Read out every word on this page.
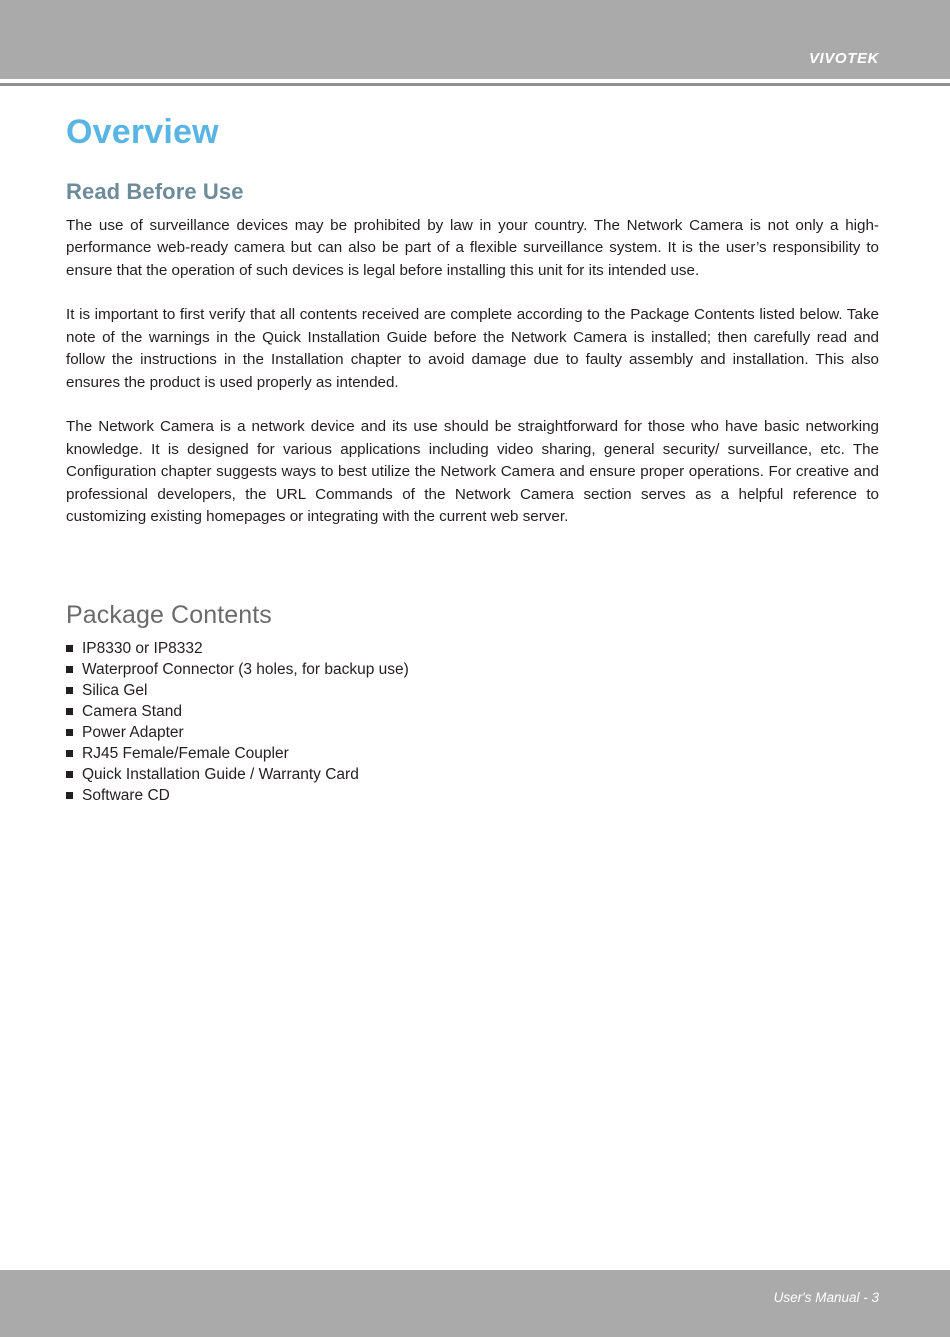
VIVOTEK
Overview
Read Before Use

The use of surveillance devices may be prohibited by law in your country. The Network Camera is not only a high-performance web-ready camera but can also be part of a flexible surveillance system. It is the user’s responsibility to ensure that the operation of such devices is legal before installing this unit for its intended use.

It is important to first verify that all contents received are complete according to the Package Contents listed below. Take note of the warnings in the Quick Installation Guide before the Network Camera is installed; then carefully read and follow the instructions in the Installation chapter to avoid damage due to faulty assembly and installation. This also ensures the product is used properly as intended.

The Network Camera is a network device and its use should be straightforward for those who have basic networking knowledge. It is designed for various applications including video sharing, general security/ surveillance, etc. The Configuration chapter suggests ways to best utilize the Network Camera and ensure proper operations. For creative and professional developers, the URL Commands of the Network Camera section serves as a helpful reference to customizing existing homepages or integrating with the current web server.

Package Contents
IP8330 or IP8332
Waterproof Connector (3 holes, for backup use)
Silica Gel
Camera Stand
Power Adapter
RJ45 Female/Female Coupler
Quick Installation Guide / Warranty Card
Software CD
User's Manual - 3
